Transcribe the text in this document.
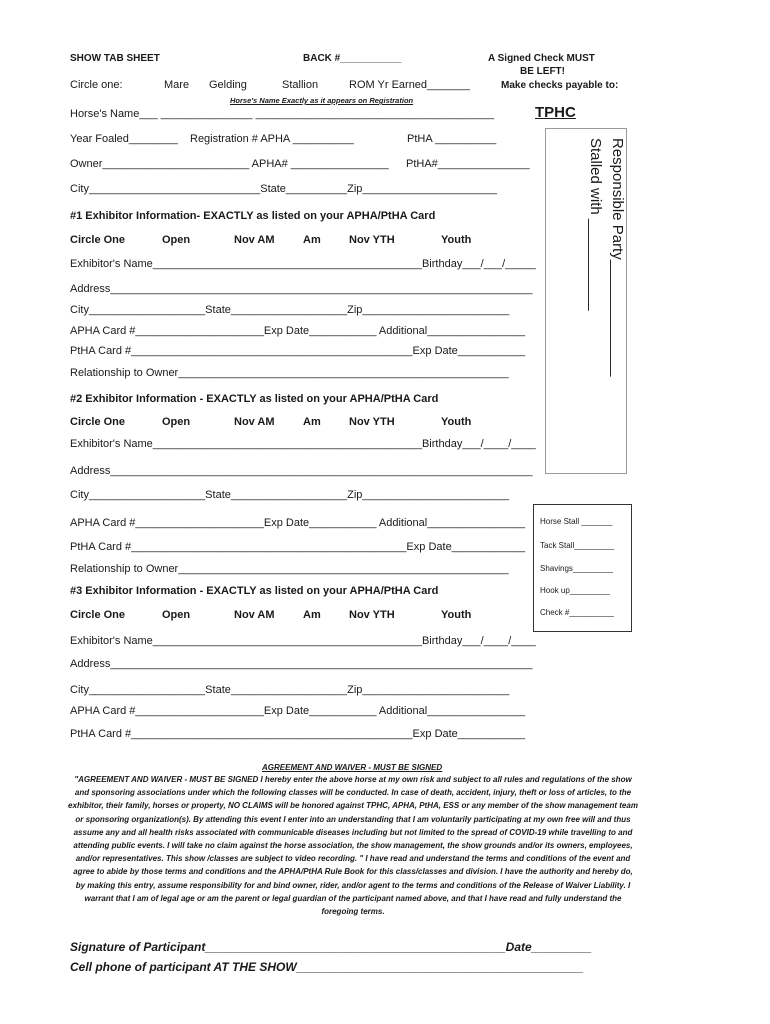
SHOW TAB SHEET	BACK #___________	A Signed Check MUST
BE LEFT!
Make checks payable to:
TPHC
Circle one:	Mare Gelding	Stallion	ROM Yr Earned_______
Horse's Name Exactly as it appears on Registration
Horse's Name___ _______________ _______________________________________
Year Foaled________ Registration # APHA __________	PtHA __________
Owner________________________ APHA# ________________ PtHA#_______________
City____________________________State__________Zip______________________
#1 Exhibitor Information- EXACTLY as listed on your APHA/PtHA Card
Circle One	Open	Nov AM	Am	Nov YTH	Youth
Exhibitor's Name____________________________________________Birthday___/___/_____
Address_____________________________________________________________________
City___________________State___________________Zip________________________
APHA Card #_____________________Exp Date___________ Additional________________
PtHA Card #______________________________________________Exp Date___________
Relationship to Owner______________________________________________________
#2 Exhibitor Information - EXACTLY as listed on your APHA/PtHA Card
Circle One	Open	Nov AM	Am	Nov YTH	Youth
Exhibitor's Name____________________________________________Birthday___/____/____
Address_____________________________________________________________________
City___________________State___________________Zip________________________
APHA Card #_____________________Exp Date___________ Additional________________
PtHA Card #_____________________________________________Exp Date____________
Relationship to Owner______________________________________________________
#3 Exhibitor Information - EXACTLY as listed on your APHA/PtHA Card
Circle One	Open	Nov AM	Am	Nov YTH	Youth
Exhibitor's Name____________________________________________Birthday___/____/____
Address_____________________________________________________________________
City___________________State___________________Zip________________________
APHA Card #_____________________Exp Date___________ Additional________________
PtHA Card #______________________________________________Exp Date___________
Responsible Party______________
Stalled with ___________
Horse Stall _______
Tack Stall_________
Shavings_________
Hook up_________
Check #__________
AGREEMENT AND WAIVER - MUST BE SIGNED
"AGREEMENT AND WAIVER - MUST BE SIGNED I hereby enter the above horse at my own risk and subject to all rules and regulations of the show and sponsoring associations under which the following classes will be conducted. In case of death, accident, injury, theft or loss of articles, to the exhibitor, their family, horses or property, NO CLAIMS will be honored against TPHC, APHA, PtHA, ESS or any member of the show management team or sponsoring organization(s). By attending this event I enter into an understanding that I am voluntarily participating at my own free will and thus assume any and all health risks associated with communicable diseases including but not limited to the spread of COVID-19 while travelling to and attending public events. I will take no claim against the horse association, the show management, the show grounds and/or its owners, employees, and/or representatives. This show /classes are subject to video recording. " I have read and understand the terms and conditions of the event and agree to abide by those terms and conditions and the APHA/PtHA Rule Book for this class/classes and division. I have the authority and hereby do, by making this entry, assume responsibility for and bind owner, rider, and/or agent to the terms and conditions of the Release of Waiver Liability. I warrant that I am of legal age or am the parent or legal guardian of the participant named above, and that I have read and fully understand the foregoing terms.
Signature of Participant_____________________________________________Date_________
Cell phone of participant AT THE SHOW___________________________________________
